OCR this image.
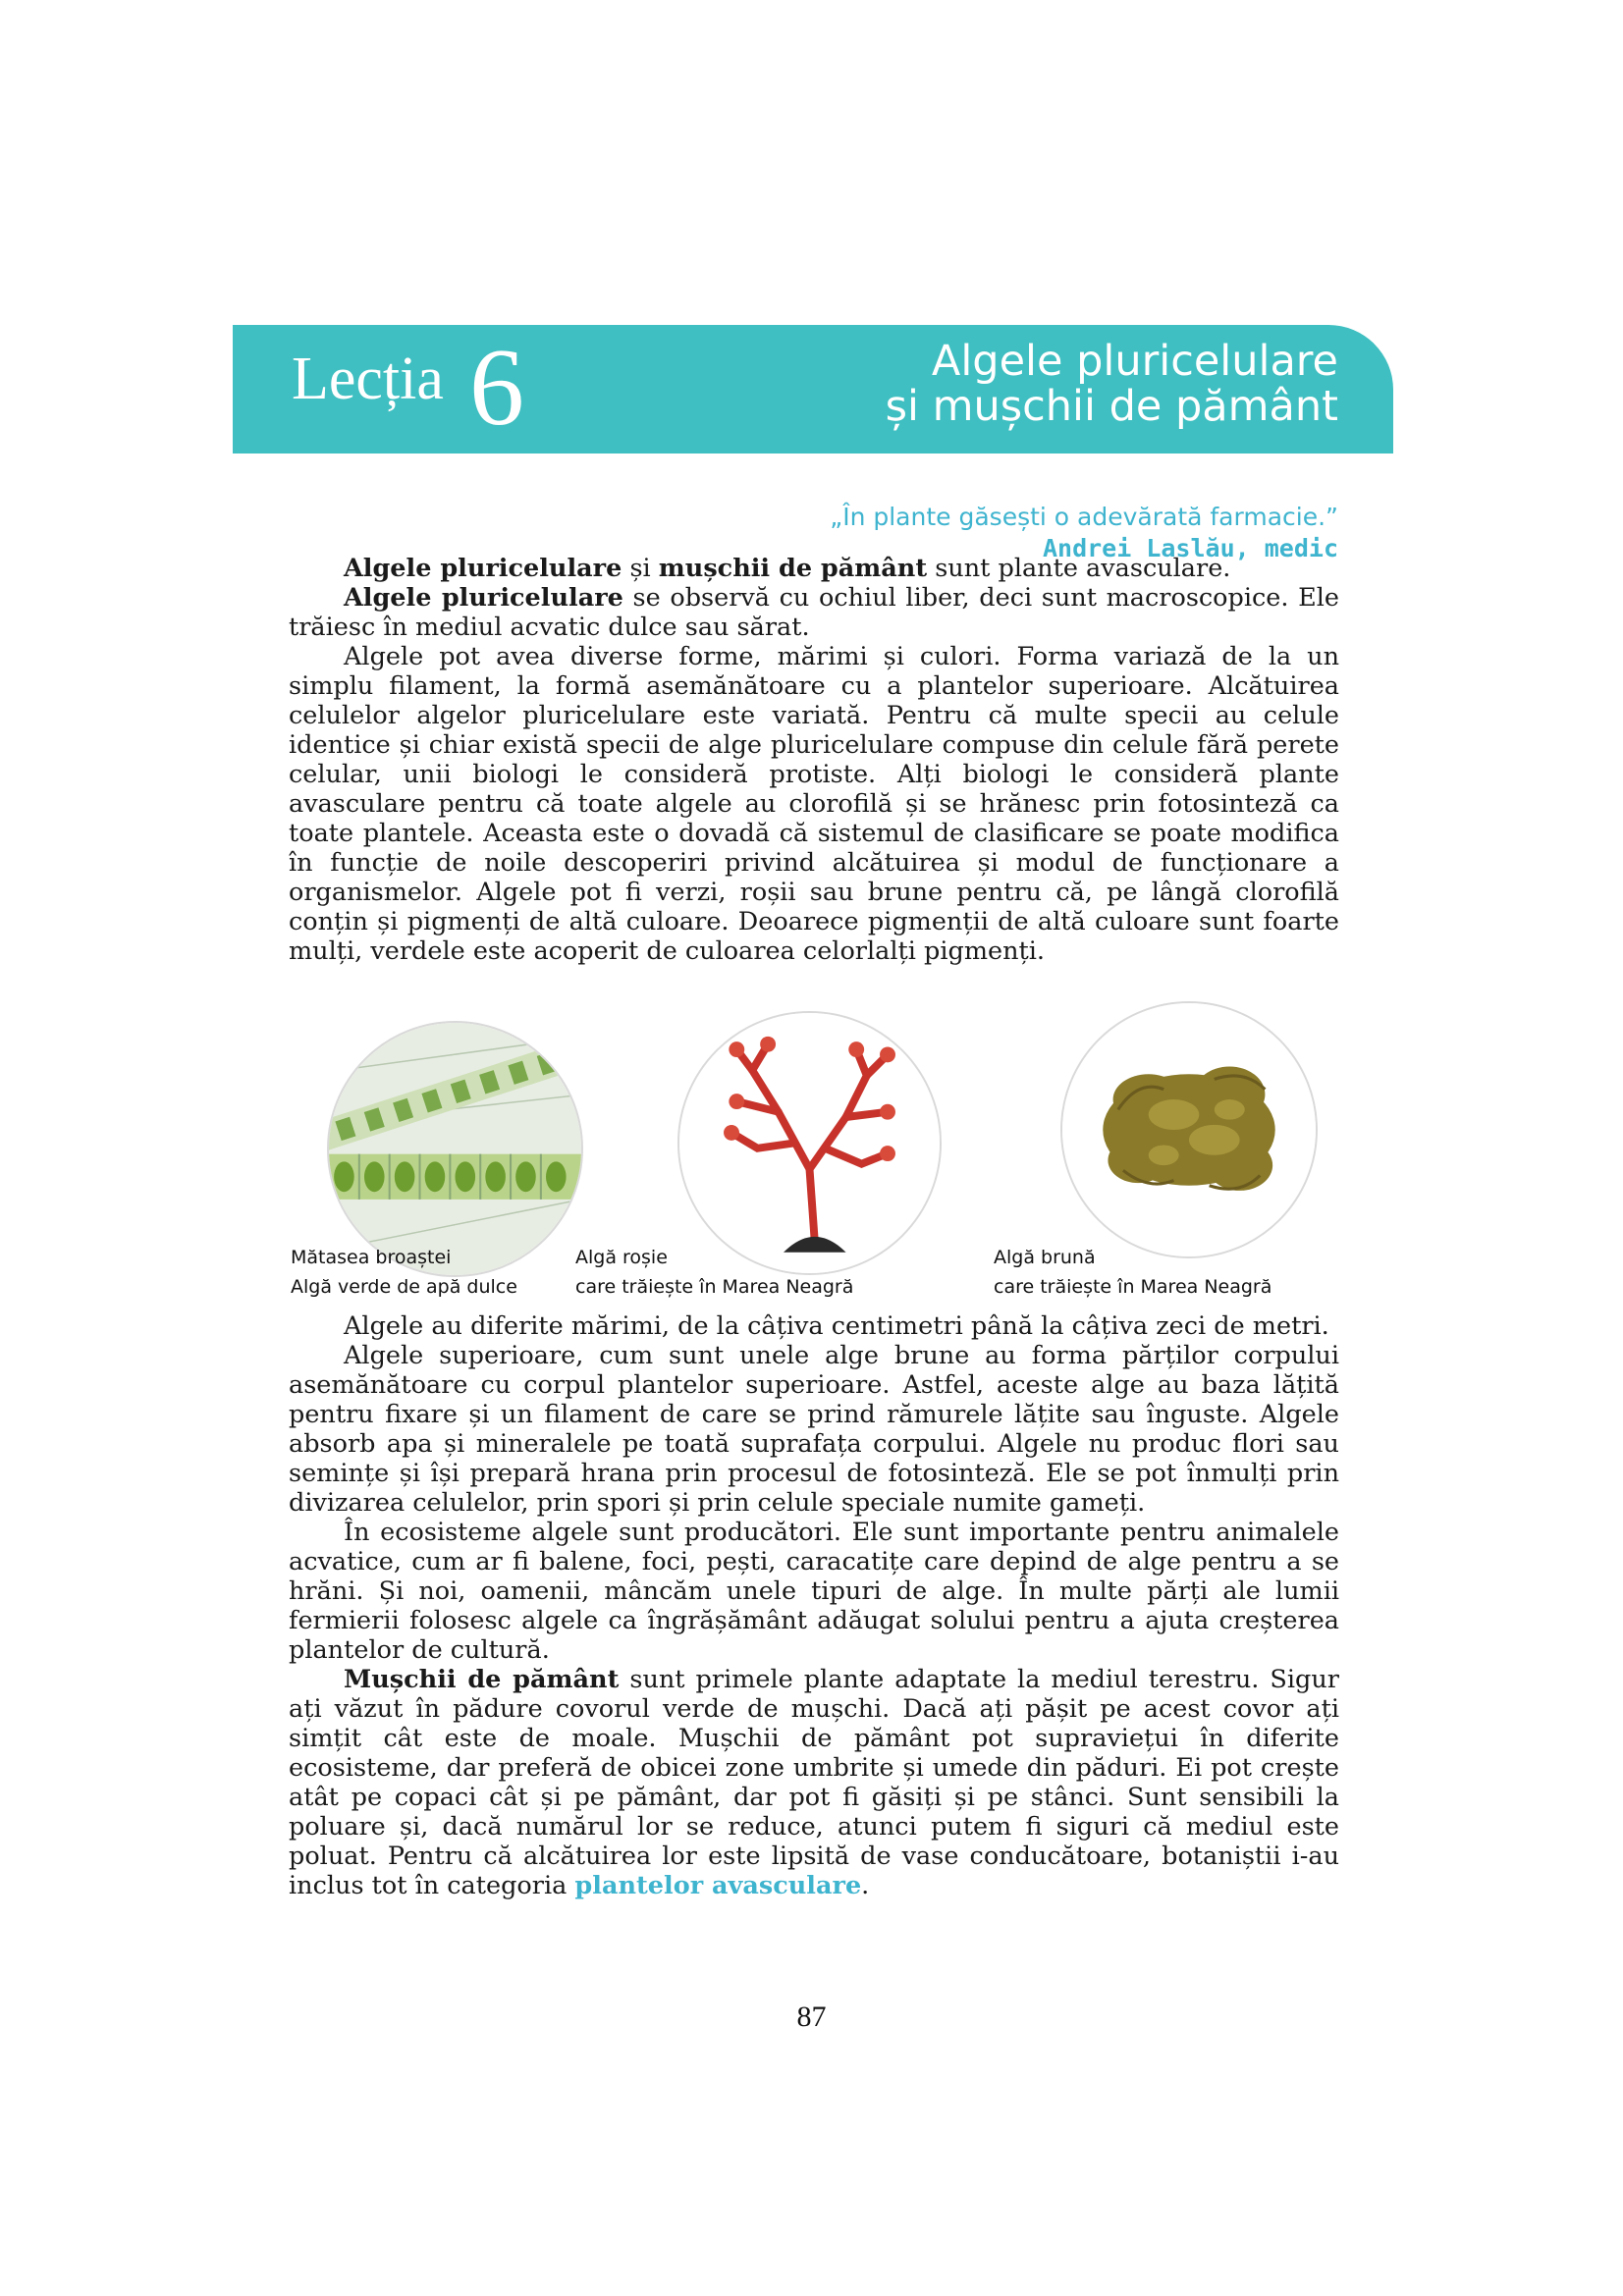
Lecția 6	Algele pluricelulare
și mușchii de pământ
„În plante găsești o adevărată farmacie.”
Andrei Laslău, medic

Algele pluricelulare și mușchii de pământ sunt plante avasculare.

Algele pluricelulare se observă cu ochiul liber, deci sunt macroscopice. Ele trăiesc în mediul acvatic dulce sau sărat.

Algele pot avea diverse forme, mărimi și culori. Forma variază de la un simplu filament, la formă asemănătoare cu a plantelor superioare. Alcătuirea celulelor algelor pluricelulare este variată. Pentru că multe specii au celule identice și chiar există specii de alge pluricelulare compuse din celule fără perete celular, unii biologi le consideră protiste. Alți biologi le consideră plante avasculare pentru că toate algele au clorofilă și se hrănesc prin fotosinteză ca toate plantele. Aceasta este o dovadă că sistemul de clasificare se poate modifica în funcție de noile descoperiri privind alcătuirea și modul de funcționare a organismelor. Algele pot fi verzi, roșii sau brune pentru că, pe lângă clorofilă conțin și pigmenți de altă culoare. Deoarece pigmenții de altă culoare sunt foarte mulți, verdele este acoperit de culoarea celorlalți pigmenți.

Mătasea broaștei
Algă verde de apă dulce
Algă roșie
care trăiește în Marea Neagră
Algă brună
care trăiește în Marea Neagră

Algele au diferite mărimi, de la câțiva centimetri până la câțiva zeci de metri.

Algele superioare, cum sunt unele alge brune au forma părților corpului asemănătoare cu corpul plantelor superioare. Astfel, aceste alge au baza lățită pentru fixare și un filament de care se prind rămurele lățite sau înguste. Algele absorb apa și mineralele pe toată suprafața corpului. Algele nu produc flori sau semințe și își prepară hrana prin procesul de fotosinteză. Ele se pot înmulți prin divizarea celulelor, prin spori și prin celule speciale numite gameți.

În ecosisteme algele sunt producători. Ele sunt importante pentru animalele acvatice, cum ar fi balene, foci, pești, caracatițe care depind de alge pentru a se hrăni. Și noi, oamenii, mâncăm unele tipuri de alge. În multe părți ale lumii fermierii folosesc algele ca îngrășământ adăugat solului pentru a ajuta creșterea plantelor de cultură.

Mușchii de pământ sunt primele plante adaptate la mediul terestru. Sigur ați văzut în pădure covorul verde de mușchi. Dacă ați pășit pe acest covor ați simțit cât este de moale. Mușchii de pământ pot supraviețui în diferite ecosisteme, dar preferă de obicei zone umbrite și umede din păduri. Ei pot crește atât pe copaci cât și pe pământ, dar pot fi găsiți și pe stânci. Sunt sensibili la poluare și, dacă numărul lor se reduce, atunci putem fi siguri că mediul este poluat. Pentru că alcătuirea lor este lipsită de vase conducătoare, botaniștii i-au inclus tot în categoria plantelor avasculare.

87
